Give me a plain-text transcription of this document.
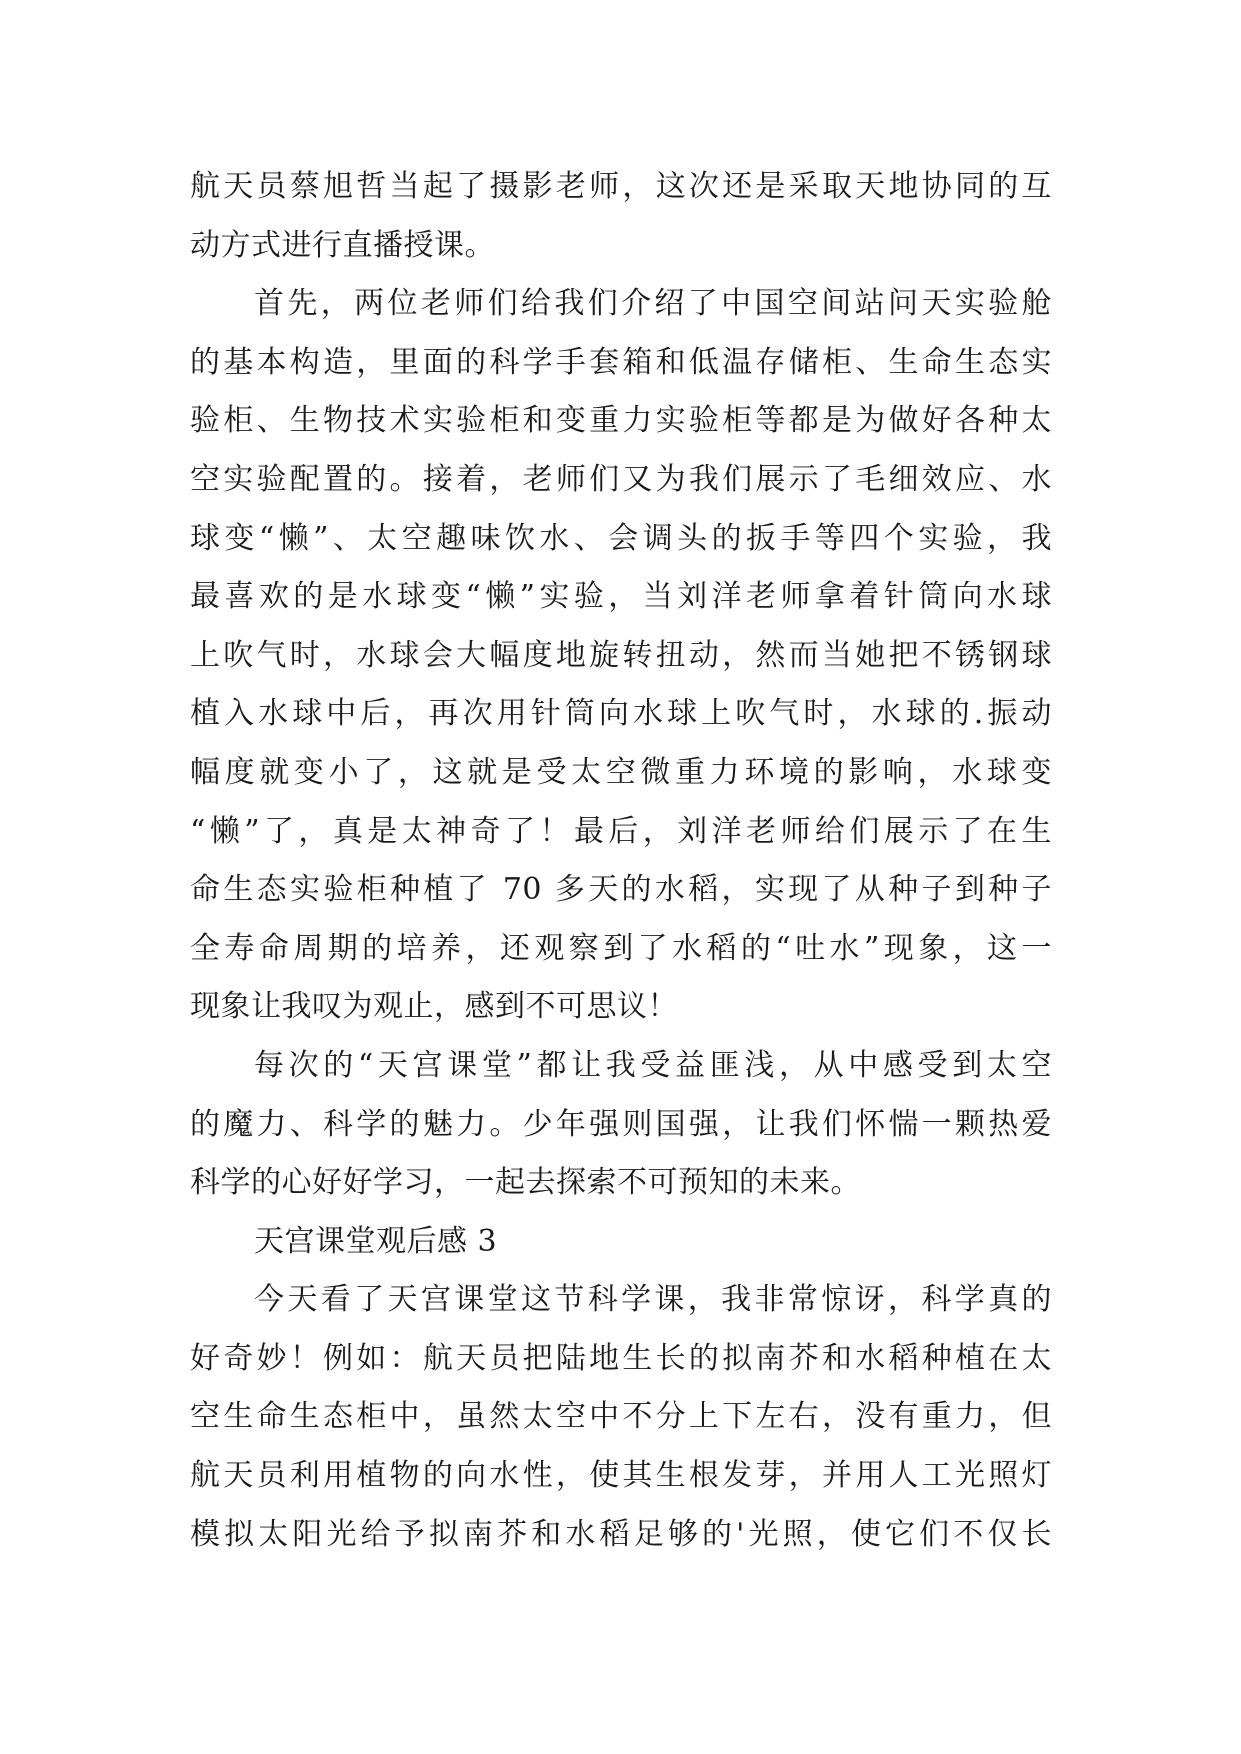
航天员蔡旭哲当起了摄影老师，这次还是采取天地协同的互
动方式进行直播授课。
首先，两位老师们给我们介绍了中国空间站问天实验舱
的基本构造，里面的科学手套箱和低温存储柜、生命生态实
验柜、生物技术实验柜和变重力实验柜等都是为做好各种太
空实验配置的。接着，老师们又为我们展示了毛细效应、水
球变“懒”、太空趣味饮水、会调头的扳手等四个实验，我
最喜欢的是水球变“懒”实验，当刘洋老师拿着针筒向水球
上吹气时，水球会大幅度地旋转扭动，然而当她把不锈钢球
植入水球中后，再次用针筒向水球上吹气时，水球的.振动
幅度就变小了，这就是受太空微重力环境的影响，水球变
“懒”了，真是太神奇了！最后，刘洋老师给们展示了在生
命生态实验柜种植了 70 多天的水稻，实现了从种子到种子
全寿命周期的培养，还观察到了水稻的“吐水”现象，这一
现象让我叹为观止，感到不可思议！
每次的“天宫课堂”都让我受益匪浅，从中感受到太空
的魔力、科学的魅力。少年强则国强，让我们怀惴一颗热爱
科学的心好好学习，一起去探索不可预知的未来。
天宫课堂观后感 3
今天看了天宫课堂这节科学课，我非常惊讶，科学真的
好奇妙！例如：航天员把陆地生长的拟南芥和水稻种植在太
空生命生态柜中，虽然太空中不分上下左右，没有重力，但
航天员利用植物的向水性，使其生根发芽，并用人工光照灯
模拟太阳光给予拟南芥和水稻足够的'光照，使它们不仅长
